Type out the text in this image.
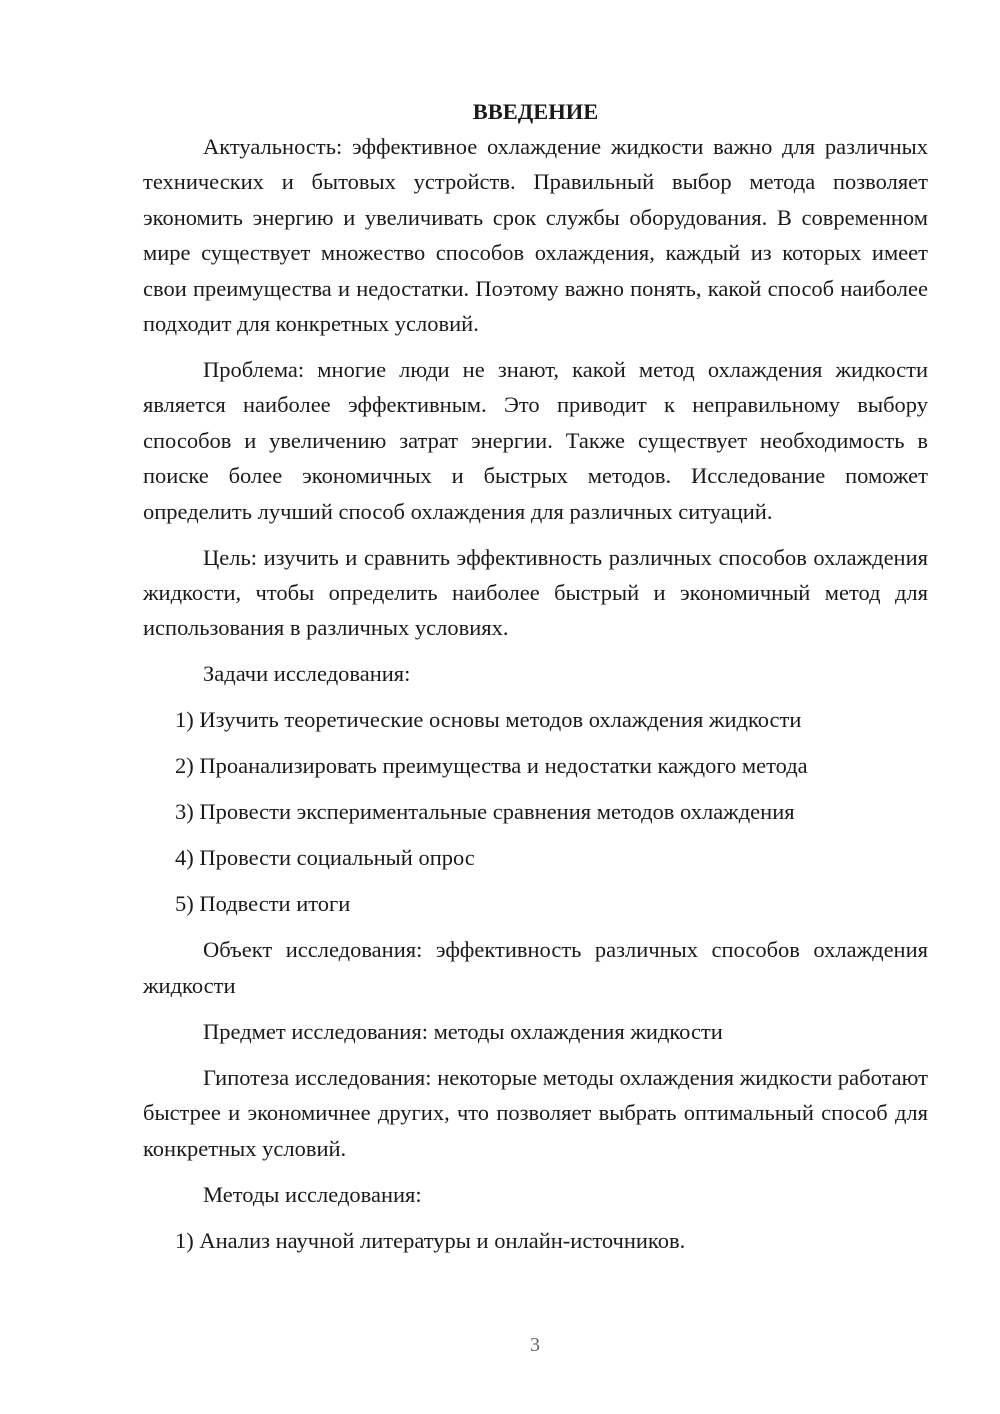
ВВЕДЕНИЕ

Актуальность: эффективное охлаждение жидкости важно для различных технических и бытовых устройств. Правильный выбор метода позволяет экономить энергию и увеличивать срок службы оборудования. В современном мире существует множество способов охлаждения, каждый из которых имеет свои преимущества и недостатки. Поэтому важно понять, какой способ наиболее подходит для конкретных условий.

Проблема: многие люди не знают, какой метод охлаждения жидкости является наиболее эффективным. Это приводит к неправильному выбору способов и увеличению затрат энергии. Также существует необходимость в поиске более экономичных и быстрых методов. Исследование поможет определить лучший способ охлаждения для различных ситуаций.

Цель: изучить и сравнить эффективность различных способов охлаждения жидкости, чтобы определить наиболее быстрый и экономичный метод для использования в различных условиях.

Задачи исследования:

1) Изучить теоретические основы методов охлаждения жидкости

2) Проанализировать преимущества и недостатки каждого метода

3) Провести экспериментальные сравнения методов охлаждения

4) Провести социальный опрос

5) Подвести итоги

Объект исследования: эффективность различных способов охлаждения жидкости

Предмет исследования: методы охлаждения жидкости

Гипотеза исследования: некоторые методы охлаждения жидкости работают быстрее и экономичнее других, что позволяет выбрать оптимальный способ для конкретных условий.

Методы исследования:

1) Анализ научной литературы и онлайн-источников.

3
